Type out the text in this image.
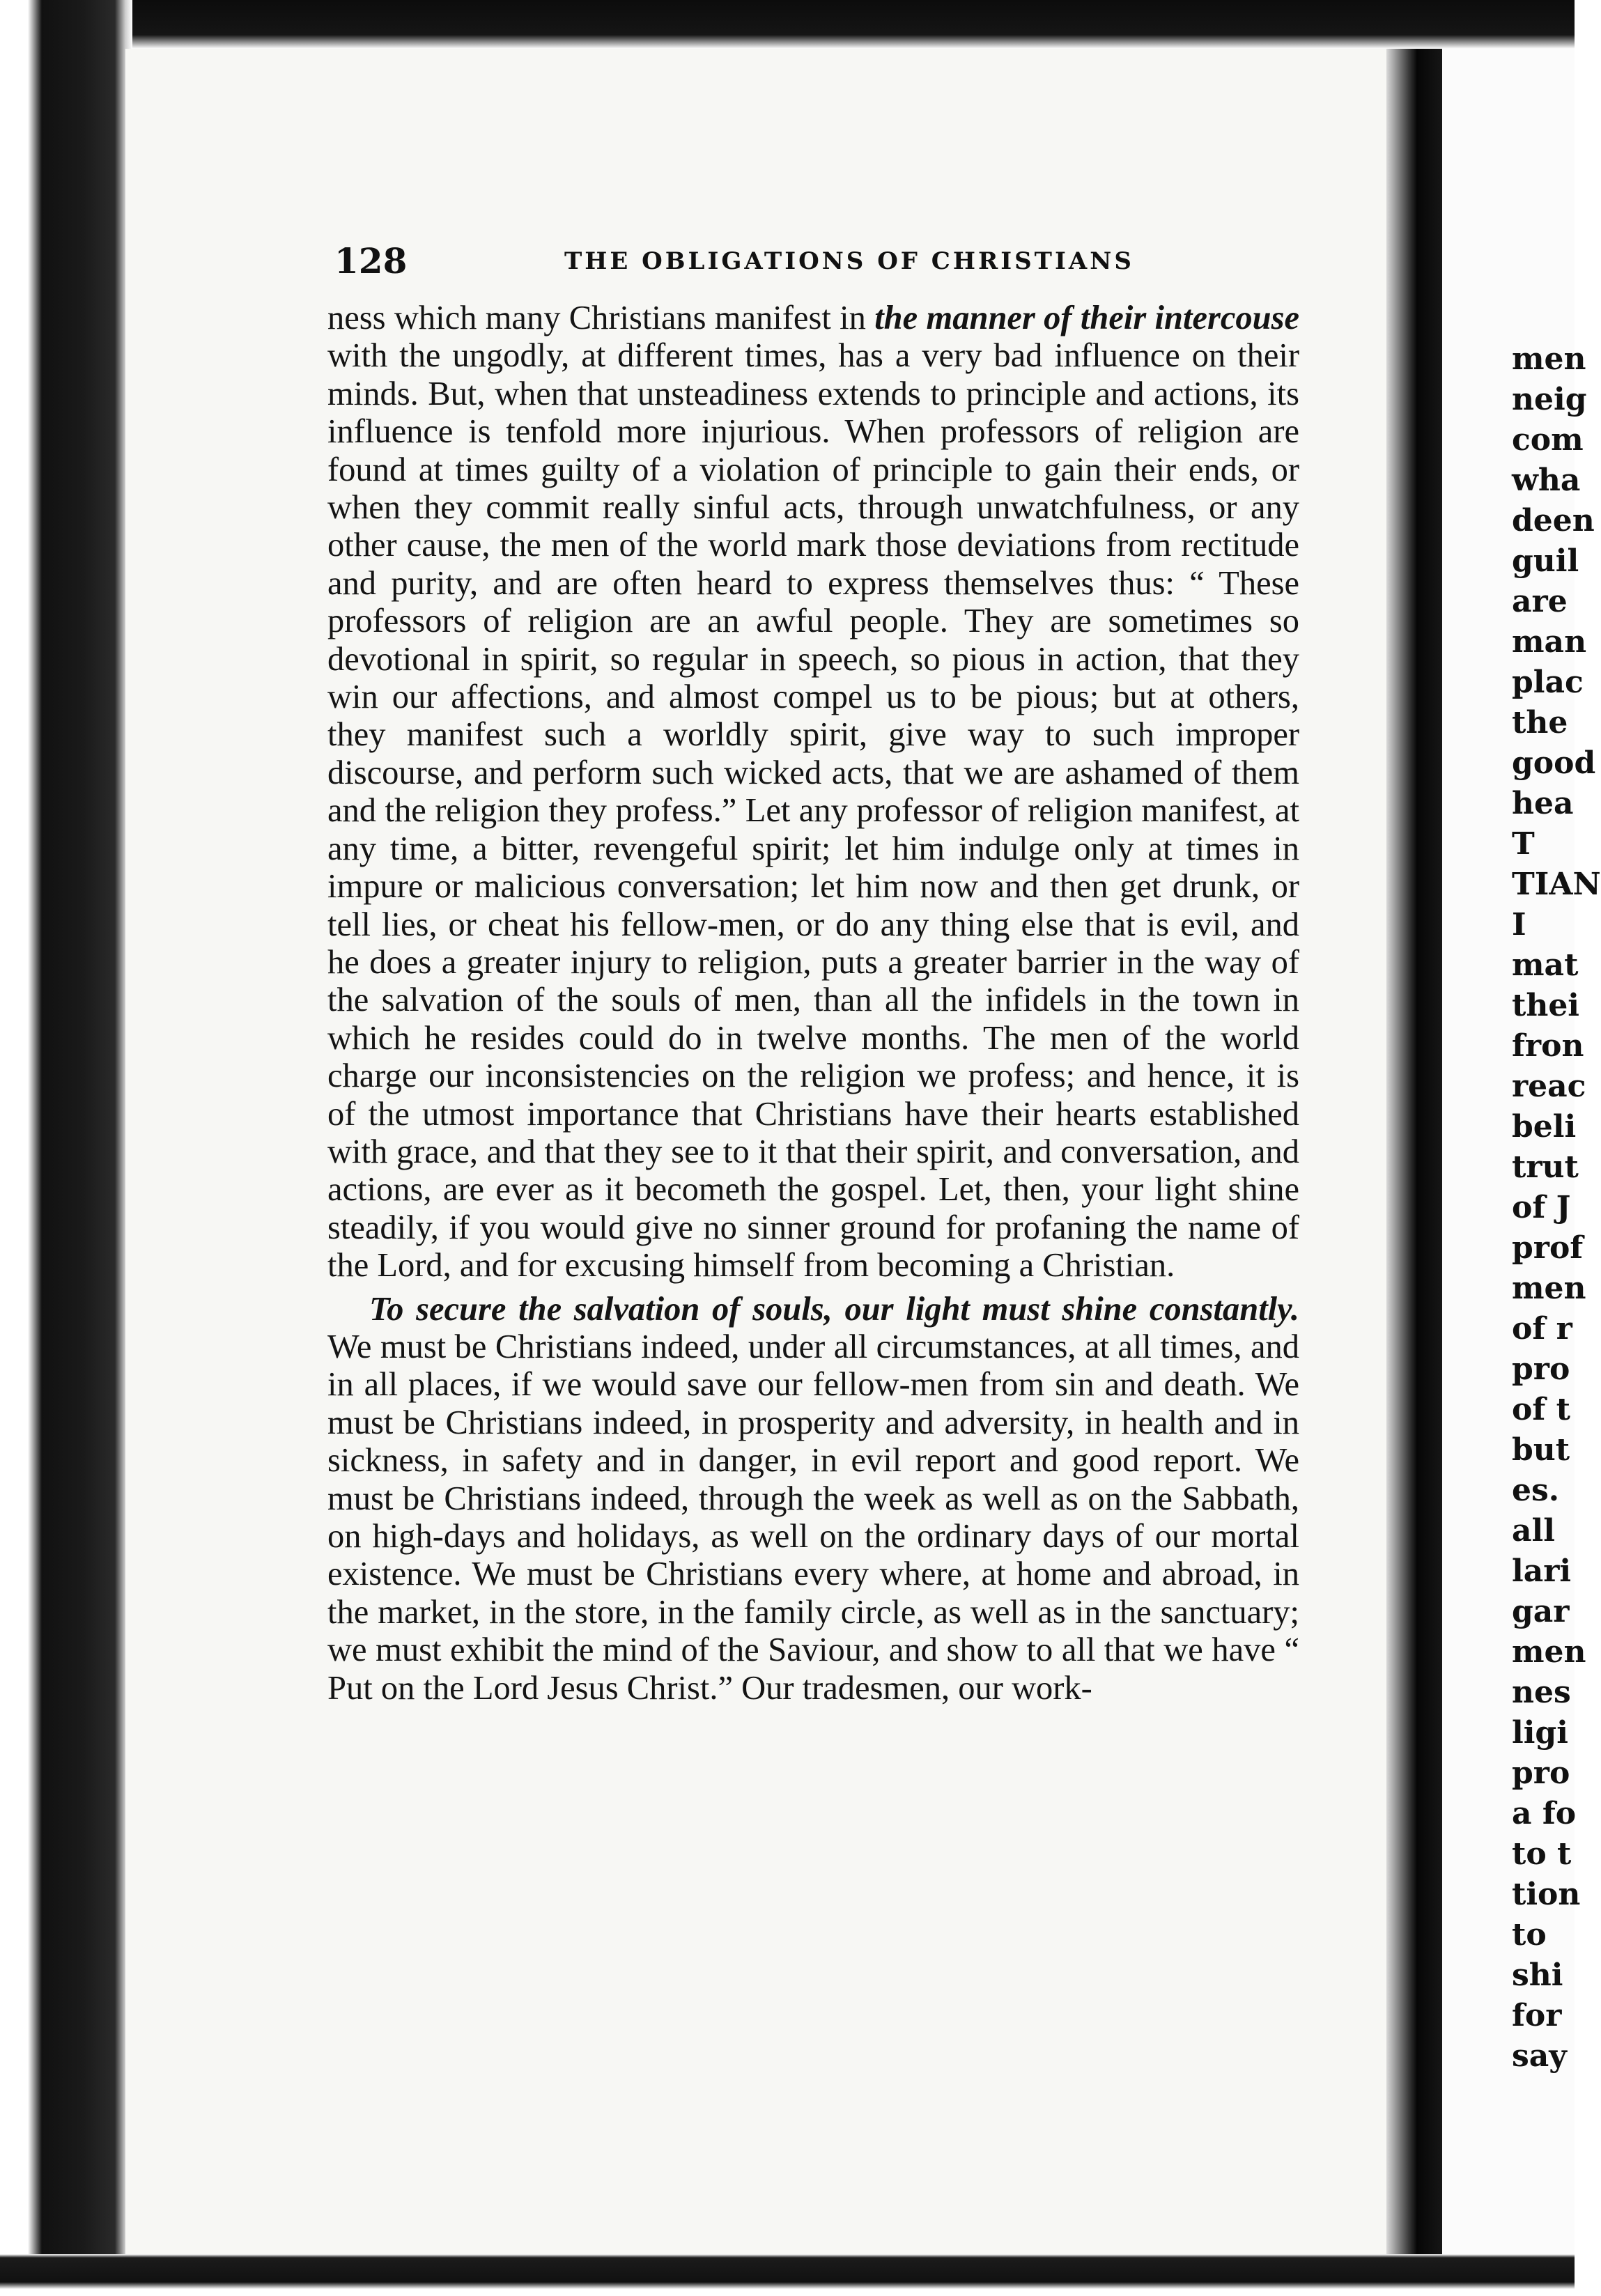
men
neig
com
wha
deen
guil
are
man
plac
the
good
hea
T
TIAN
I
mat
thei
fron
reac
beli
trut
of J
prof
men
of r
pro
of t
but
es.
all
lari
gar
men
nes
ligi
pro
a fo
to t
tion
to
shi
for
say
128	THE OBLIGATIONS OF CHRISTIANS

ness which many Christians manifest in the manner of their intercouse with the ungodly, at different times, has a very bad influence on their minds. But, when that unsteadiness extends to principle and actions, its influence is tenfold more injurious. When professors of religion are found at times guilty of a violation of principle to gain their ends, or when they commit really sinful acts, through unwatchfulness, or any other cause, the men of the world mark those deviations from rectitude and purity, and are often heard to express themselves thus: “ These professors of religion are an awful people. They are sometimes so devotional in spirit, so regular in speech, so pious in action, that they win our affections, and almost compel us to be pious; but at others, they manifest such a worldly spirit, give way to such improper discourse, and perform such wicked acts, that we are ashamed of them and the religion they profess.” Let any professor of religion manifest, at any time, a bitter, revengeful spirit; let him indulge only at times in impure or malicious conversation; let him now and then get drunk, or tell lies, or cheat his fellow-men, or do any thing else that is evil, and he does a greater injury to religion, puts a greater barrier in the way of the salvation of the souls of men, than all the infidels in the town in which he resides could do in twelve months. The men of the world charge our inconsistencies on the religion we profess; and hence, it is of the utmost importance that Christians have their hearts established with grace, and that they see to it that their spirit, and conversation, and actions, are ever as it becometh the gospel. Let, then, your light shine steadily, if you would give no sinner ground for profaning the name of the Lord, and for excusing himself from becoming a Christian.

To secure the salvation of souls, our light must shine constantly. We must be Christians indeed, under all circumstances, at all times, and in all places, if we would save our fellow-men from sin and death. We must be Christians indeed, in prosperity and adversity, in health and in sickness, in safety and in danger, in evil report and good report. We must be Christians indeed, through the week as well as on the Sabbath, on high-days and holidays, as well on the ordinary days of our mortal existence. We must be Christians every where, at home and abroad, in the market, in the store, in the family circle, as well as in the sanctuary; we must exhibit the mind of the Saviour, and show to all that we have “ Put on the Lord Jesus Christ.” Our tradesmen, our work-
